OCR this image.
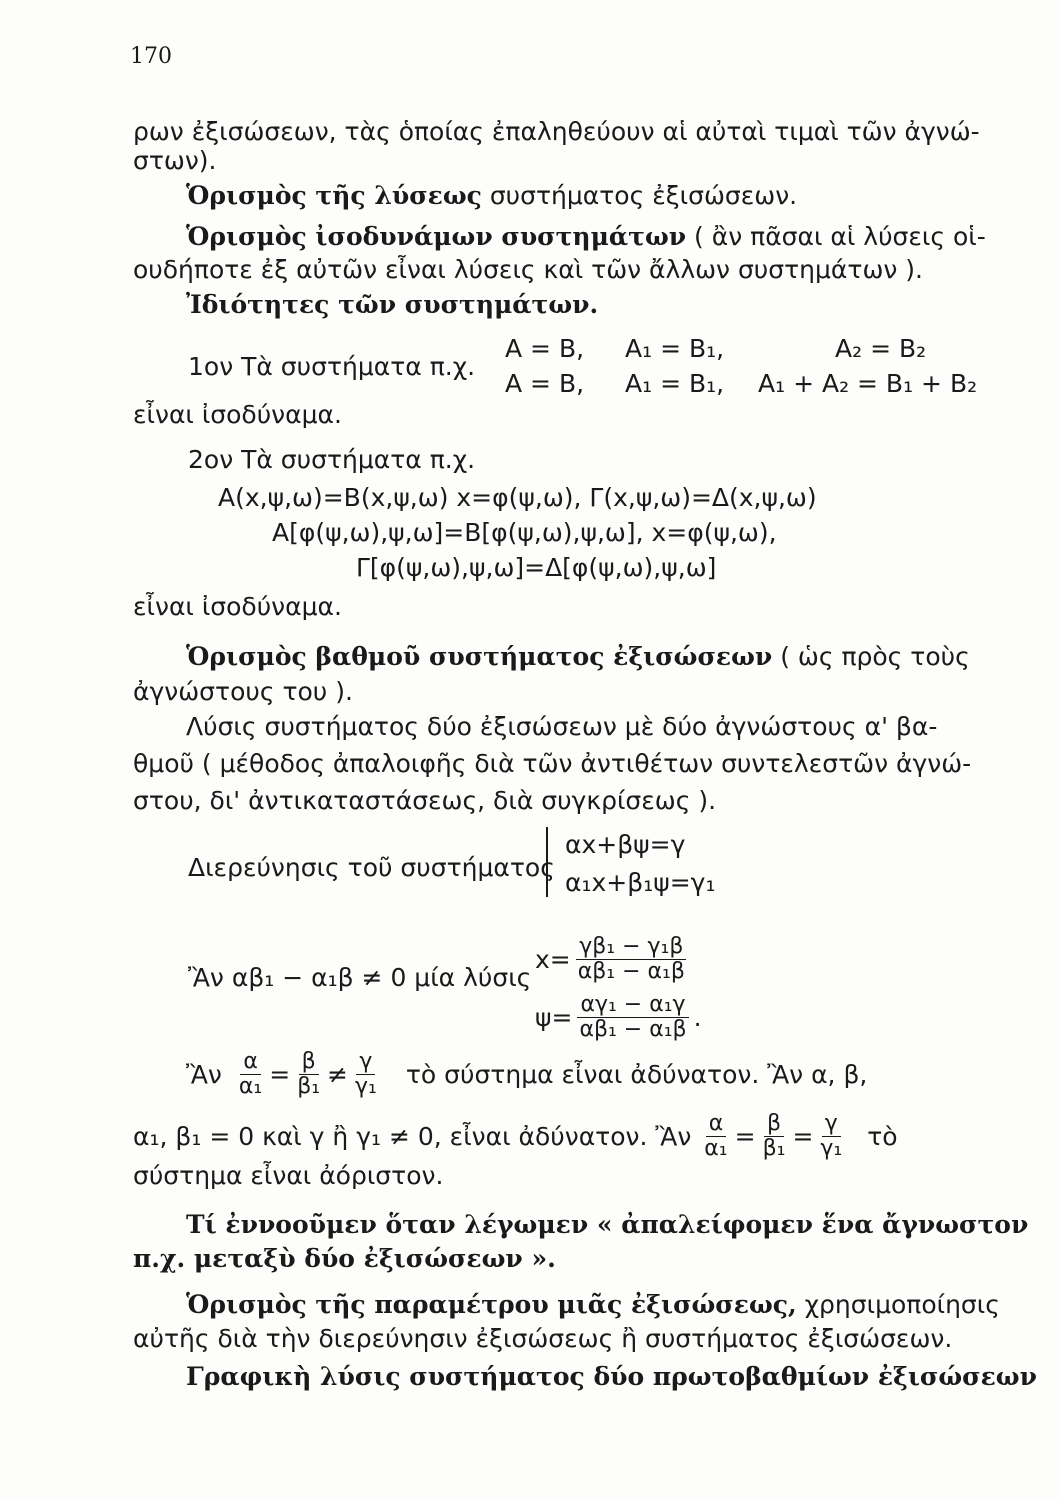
170
ρων ἐξισώσεων, τὰς ὁποίας ἐπαληθεύουν αἱ αὐταὶ τιμαὶ τῶν ἀγνώ-
στων).
Ὁρισμὸς τῆς λύσεως συστήματος ἐξισώσεων.
Ὁρισμὸς ἰσοδυνάμων συστημάτων ( ἂν πᾶσαι αἱ λύσεις οἱ-
ουδήποτε ἐξ αὐτῶν εἶναι λύσεις καὶ τῶν ἄλλων συστημάτων ).
Ἰδιότητες τῶν συστημάτων.
1ον Τὰ συστήματα π.χ.
A = B, A₁ = B₁,	A₂ = B₂
A = B, A₁ = B₁, A₁ + A₂ = B₁ + B₂
εἶναι ἰσοδύναμα.
2ον Τὰ συστήματα π.χ.
A(x,ψ,ω)=B(x,ψ,ω) x=φ(ψ,ω), Γ(x,ψ,ω)=Δ(x,ψ,ω)
A[φ(ψ,ω),ψ,ω]=B[φ(ψ,ω),ψ,ω], x=φ(ψ,ω),
Γ[φ(ψ,ω),ψ,ω]=Δ[φ(ψ,ω),ψ,ω]
εἶναι ἰσοδύναμα.
Ὁρισμὸς βαθμοῦ συστήματος ἐξισώσεων ( ὡς πρὸς τοὺς
ἀγνώστους του ).
Λύσις συστήματος δύο ἐξισώσεων μὲ δύο ἀγνώστους α' βα-
θμοῦ ( μέθοδος ἀπαλοιφῆς διὰ τῶν ἀντιθέτων συντελεστῶν ἀγνώ-
στου, δι' ἀντικαταστάσεως, διὰ συγκρίσεως ).
Διερεύνησις τοῦ συστήματος
αx+βψ=γ
α₁x+β₁ψ=γ₁
Ἂν αβ₁ − α₁β ≠ 0 μία λύσις
$x= \frac{\text{γβ₁ − γ₁β}}{\text{αβ₁ − α₁β}}$
$\psi= \frac{\text{αγ₁ − α₁γ}}{\text{αβ₁ − α₁β}}$ .
Ἂν $\frac{\alpha}{\text{α₁}} = \frac{\beta}{\text{β₁}} \ne \frac{\gamma}{\text{γ₁}}$ τὸ σύστημα εἶναι ἀδύνατον. Ἂν α, β,
α₁, β₁ = 0 καὶ γ ἢ γ₁ ≠ 0, εἶναι ἀδύνατον. Ἂν $\frac{\alpha}{\text{α₁}} = \frac{\beta}{\text{β₁}} = \frac{\gamma}{\text{γ₁}}$ τὸ
σύστημα εἶναι ἀόριστον.
Τί ἐννοοῦμεν ὅταν λέγωμεν « ἀπαλείφομεν ἕνα ἄγνωστον
π.χ. μεταξὺ δύο ἐξισώσεων ».
Ὁρισμὸς τῆς παραμέτρου μιᾶς ἐξισώσεως, χρησιμοποίησις
αὐτῆς διὰ τὴν διερεύνησιν ἐξισώσεως ἢ συστήματος ἐξισώσεων.
Γραφικὴ λύσις συστήματος δύο πρωτοβαθμίων ἐξισώσεων
